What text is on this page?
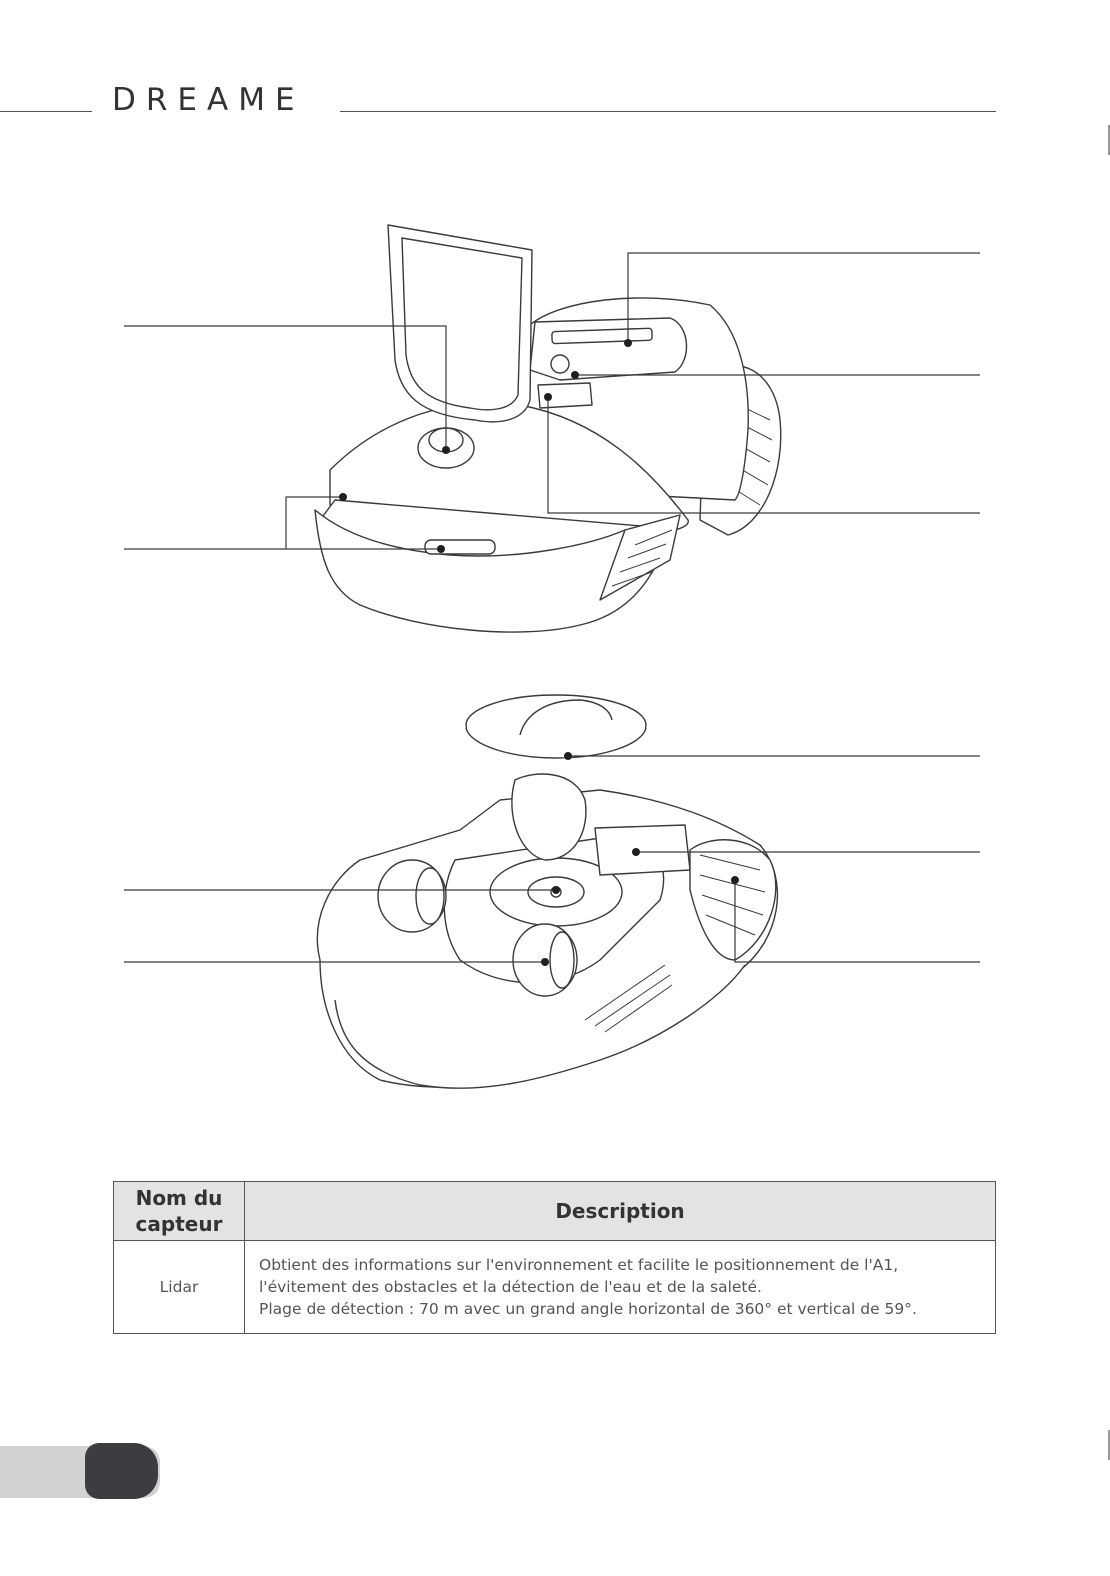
DREAME
Nom du capteur	Description
Lidar	Obtient des informations sur l'environnement et facilite le positionnement de l'A1,
l'évitement des obstacles et la détection de l'eau et de la saleté.
Plage de détection : 70 m avec un grand angle horizontal de 360° et vertical de 59°.
